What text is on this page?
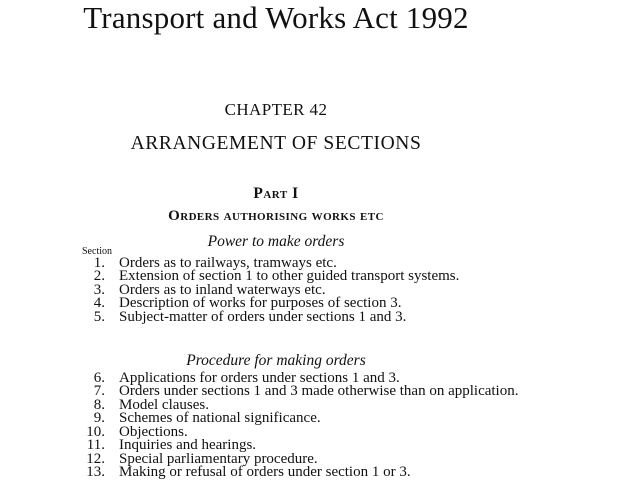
Transport and Works Act 1992
CHAPTER 42
ARRANGEMENT OF SECTIONS
Part I
Orders authorising works etc
Power to make orders
Section
1. Orders as to railways, tramways etc.
2. Extension of section 1 to other guided transport systems.
3. Orders as to inland waterways etc.
4. Description of works for purposes of section 3.
5. Subject-matter of orders under sections 1 and 3.
Procedure for making orders
6. Applications for orders under sections 1 and 3.
7. Orders under sections 1 and 3 made otherwise than on application.
8. Model clauses.
9. Schemes of national significance.
10. Objections.
11. Inquiries and hearings.
12. Special parliamentary procedure.
13. Making or refusal of orders under section 1 or 3.
